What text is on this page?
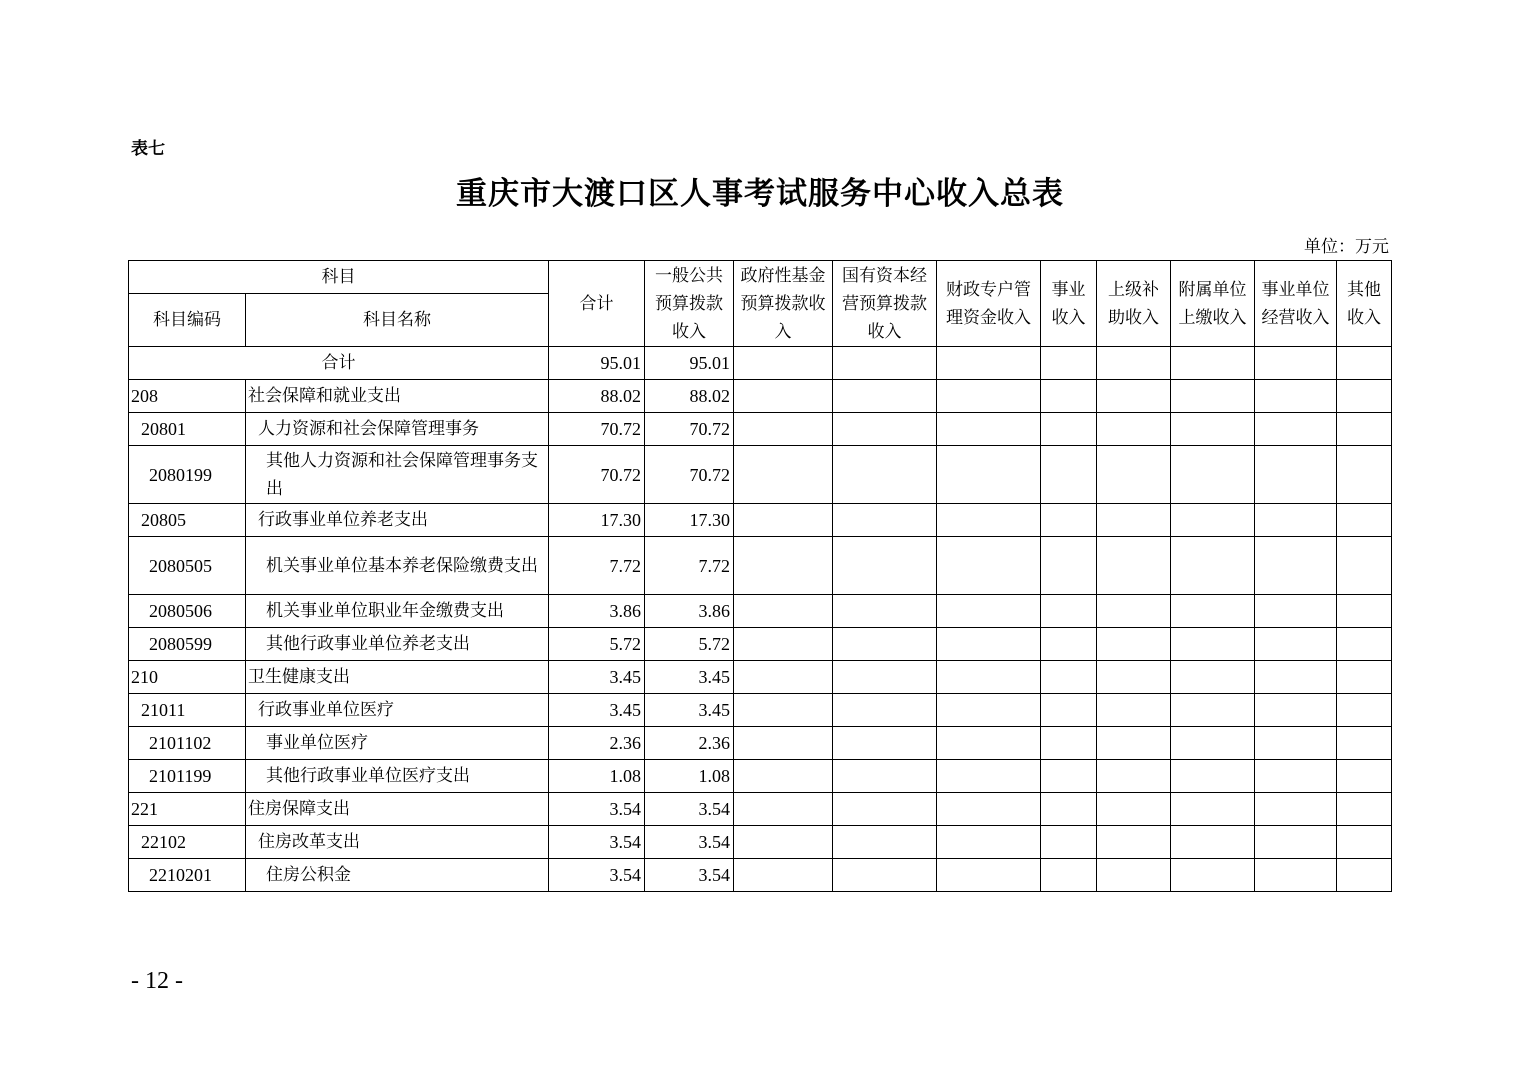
表七
重庆市大渡口区人事考试服务中心收入总表
单位：万元
科目		合计	一般公共预算拨款收入	政府性基金预算拨款收入	国有资本经营预算拨款收入	财政专户管理资金收入	事业收入	上级补助收入	附属单位上缴收入	事业单位经营收入	其他收入
科目编码	科目名称										
合计		95.01	95.01								
208	社会保障和就业支出	88.02	88.02								
20801	人力资源和社会保障管理事务	70.72	70.72								
2080199	其他人力资源和社会保障管理事务支出	70.72	70.72								
20805	行政事业单位养老支出	17.30	17.30								
2080505	机关事业单位基本养老保险缴费支出	7.72	7.72								
2080506	机关事业单位职业年金缴费支出	3.86	3.86								
2080599	其他行政事业单位养老支出	5.72	5.72								
210	卫生健康支出	3.45	3.45								
21011	行政事业单位医疗	3.45	3.45								
2101102	事业单位医疗	2.36	2.36								
2101199	其他行政事业单位医疗支出	1.08	1.08								
221	住房保障支出	3.54	3.54								
22102	住房改革支出	3.54	3.54								
2210201	住房公积金	3.54	3.54								
- 12 -
